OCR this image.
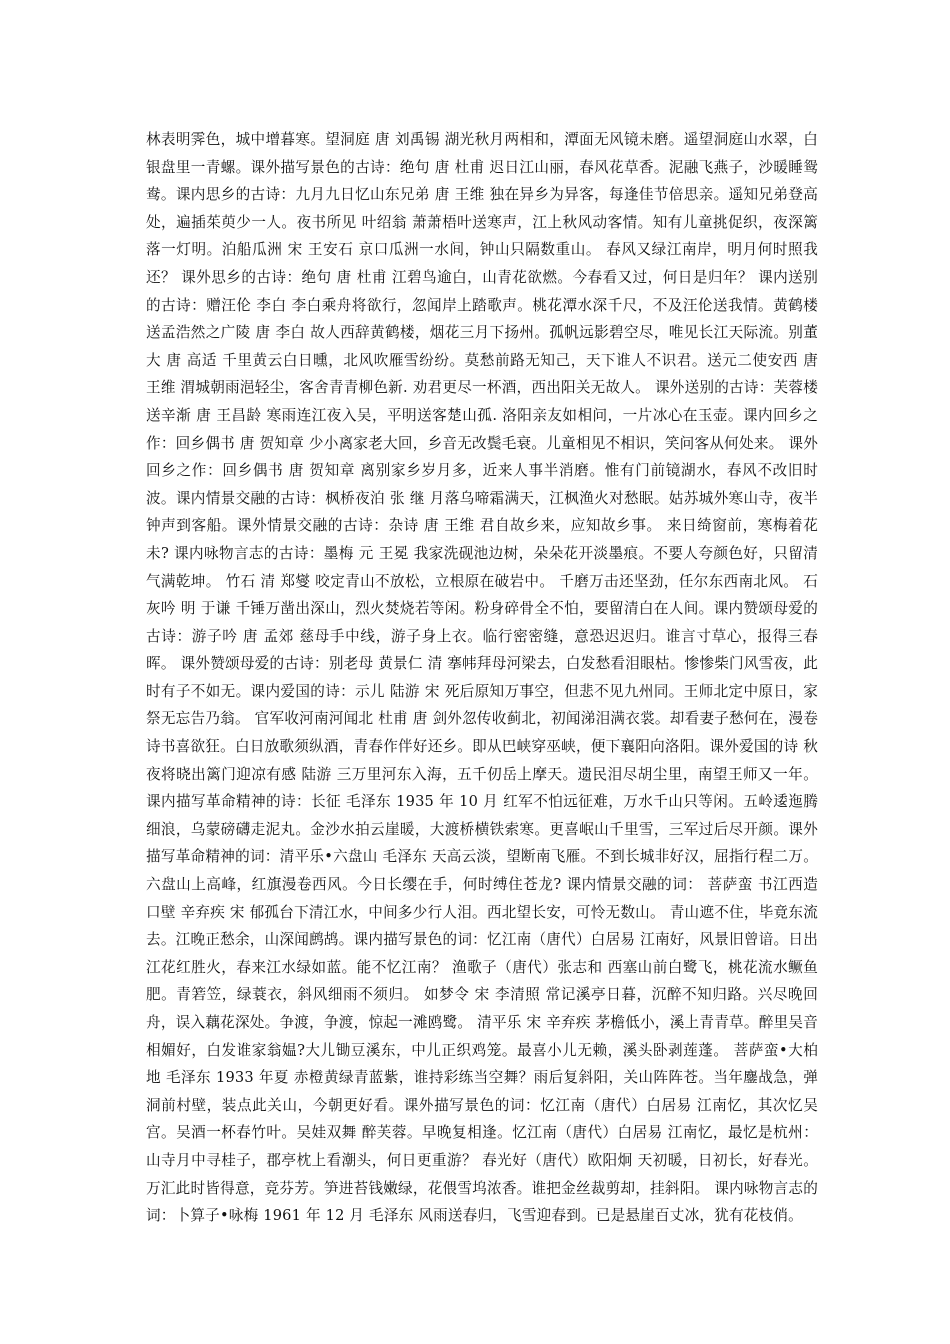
林表明霁色，城中增暮寒。望洞庭 唐 刘禹锡 湖光秋月两相和，潭面无风镜未磨。遥望洞庭山水翠，白银盘里一青螺。课外描写景色的古诗：绝句 唐 杜甫 迟日江山丽，春风花草香。泥融飞燕子，沙暖睡鸳鸯。课内思乡的古诗：九月九日忆山东兄弟 唐 王维 独在异乡为异客，每逢佳节倍思亲。遥知兄弟登高处，遍插茱萸少一人。夜书所见 叶绍翁 萧萧梧叶送寒声，江上秋风动客情。知有儿童挑促织，夜深篱落一灯明。泊船瓜洲 宋 王安石 京口瓜洲一水间，钟山只隔数重山。 春风又绿江南岸，明月何时照我还？ 课外思乡的古诗：绝句 唐 杜甫 江碧鸟逾白，山青花欲燃。今春看又过，何日是归年？ 课内送别的古诗：赠汪伦 李白 李白乘舟将欲行，忽闻岸上踏歌声。桃花潭水深千尺，不及汪伦送我情。黄鹤楼送孟浩然之广陵 唐 李白 故人西辞黄鹤楼，烟花三月下扬州。孤帆远影碧空尽，唯见长江天际流。别董大 唐 高适 千里黄云白日曛，北风吹雁雪纷纷。莫愁前路无知己，天下谁人不识君。送元二使安西 唐 王维 渭城朝雨浥轻尘，客舍青青柳色新. 劝君更尽一杯酒，西出阳关无故人。 课外送别的古诗：芙蓉楼送辛渐 唐 王昌龄 寒雨连江夜入吴，平明送客楚山孤. 洛阳亲友如相问，一片冰心在玉壶。课内回乡之作：回乡偶书 唐 贺知章 少小离家老大回，乡音无改鬓毛衰。儿童相见不相识，笑问客从何处来。 课外回乡之作：回乡偶书 唐 贺知章 离别家乡岁月多，近来人事半消磨。惟有门前镜湖水，春风不改旧时波。课内情景交融的古诗：枫桥夜泊 张 继 月落乌啼霜满天，江枫渔火对愁眠。姑苏城外寒山寺，夜半钟声到客船。课外情景交融的古诗：杂诗 唐 王维 君自故乡来，应知故乡事。 来日绮窗前，寒梅着花未? 课内咏物言志的古诗：墨梅 元 王冕 我家洗砚池边树，朵朵花开淡墨痕。不要人夸颜色好，只留清气满乾坤。 竹石 清 郑燮 咬定青山不放松，立根原在破岩中。 千磨万击还坚劲，任尔东西南北风。 石灰吟 明 于谦 千锤万凿出深山，烈火焚烧若等闲。粉身碎骨全不怕，要留清白在人间。课内赞颂母爱的古诗：游子吟 唐 孟郊 慈母手中线，游子身上衣。临行密密缝，意恐迟迟归。谁言寸草心，报得三春晖。 课外赞颂母爱的古诗：别老母 黄景仁 清 搴帏拜母河梁去，白发愁看泪眼枯。惨惨柴门风雪夜，此时有子不如无。课内爱国的诗：示儿 陆游 宋 死后原知万事空，但悲不见九州同。王师北定中原日，家祭无忘告乃翁。 官军收河南河闻北 杜甫 唐 剑外忽传收蓟北，初闻涕泪满衣裳。却看妻子愁何在，漫卷诗书喜欲狂。白日放歌须纵酒，青春作伴好还乡。即从巴峡穿巫峡，便下襄阳向洛阳。课外爱国的诗 秋夜将晓出篱门迎凉有感 陆游 三万里河东入海，五千仞岳上摩天。遗民泪尽胡尘里，南望王师又一年。课内描写革命精神的诗：长征 毛泽东 1935 年 10 月 红军不怕远征难，万水千山只等闲。五岭逶迤腾细浪，乌蒙磅礴走泥丸。金沙水拍云崖暖，大渡桥横铁索寒。更喜岷山千里雪，三军过后尽开颜。课外描写革命精神的词：清平乐•六盘山 毛泽东 天高云淡，望断南飞雁。不到长城非好汉，屈指行程二万。 六盘山上高峰，红旗漫卷西风。今日长缨在手，何时缚住苍龙? 课内情景交融的词： 菩萨蛮 书江西造口壁 辛弃疾 宋 郁孤台下清江水，中间多少行人泪。西北望长安，可怜无数山。 青山遮不住，毕竟东流去。江晚正愁余，山深闻鹧鸪。课内描写景色的词：忆江南（唐代）白居易 江南好，风景旧曾谙。日出江花红胜火，春来江水绿如蓝。能不忆江南？ 渔歌子（唐代）张志和 西塞山前白鹭飞，桃花流水鳜鱼肥。青箬笠，绿蓑衣，斜风细雨不须归。 如梦令 宋 李清照 常记溪亭日暮，沉醉不知归路。兴尽晚回舟，误入藕花深处。争渡，争渡，惊起一滩鸥鹭。 清平乐 宋 辛弃疾 茅檐低小，溪上青青草。醉里吴音相媚好，白发谁家翁媪?大儿锄豆溪东，中儿正织鸡笼。最喜小儿无赖，溪头卧剥莲蓬。 菩萨蛮•大柏地 毛泽东 1933 年夏 赤橙黄绿青蓝紫，谁持彩练当空舞？雨后复斜阳，关山阵阵苍。当年鏖战急，弹洞前村壁，装点此关山，今朝更好看。课外描写景色的词：忆江南（唐代）白居易 江南忆，其次忆吴宫。吴酒一杯春竹叶。吴娃双舞 醉芙蓉。早晚复相逢。忆江南（唐代）白居易 江南忆，最忆是杭州：山寺月中寻桂子，郡亭枕上看潮头，何日更重游？ 春光好（唐代）欧阳炯 天初暖，日初长，好春光。万汇此时皆得意，竞芬芳。笋进苔钱嫩绿，花偎雪坞浓香。谁把金丝裁剪却，挂斜阳。 课内咏物言志的词：卜算子•咏梅 1961 年 12 月 毛泽东 风雨送春归，飞雪迎春到。已是悬崖百丈冰，犹有花枝俏。
